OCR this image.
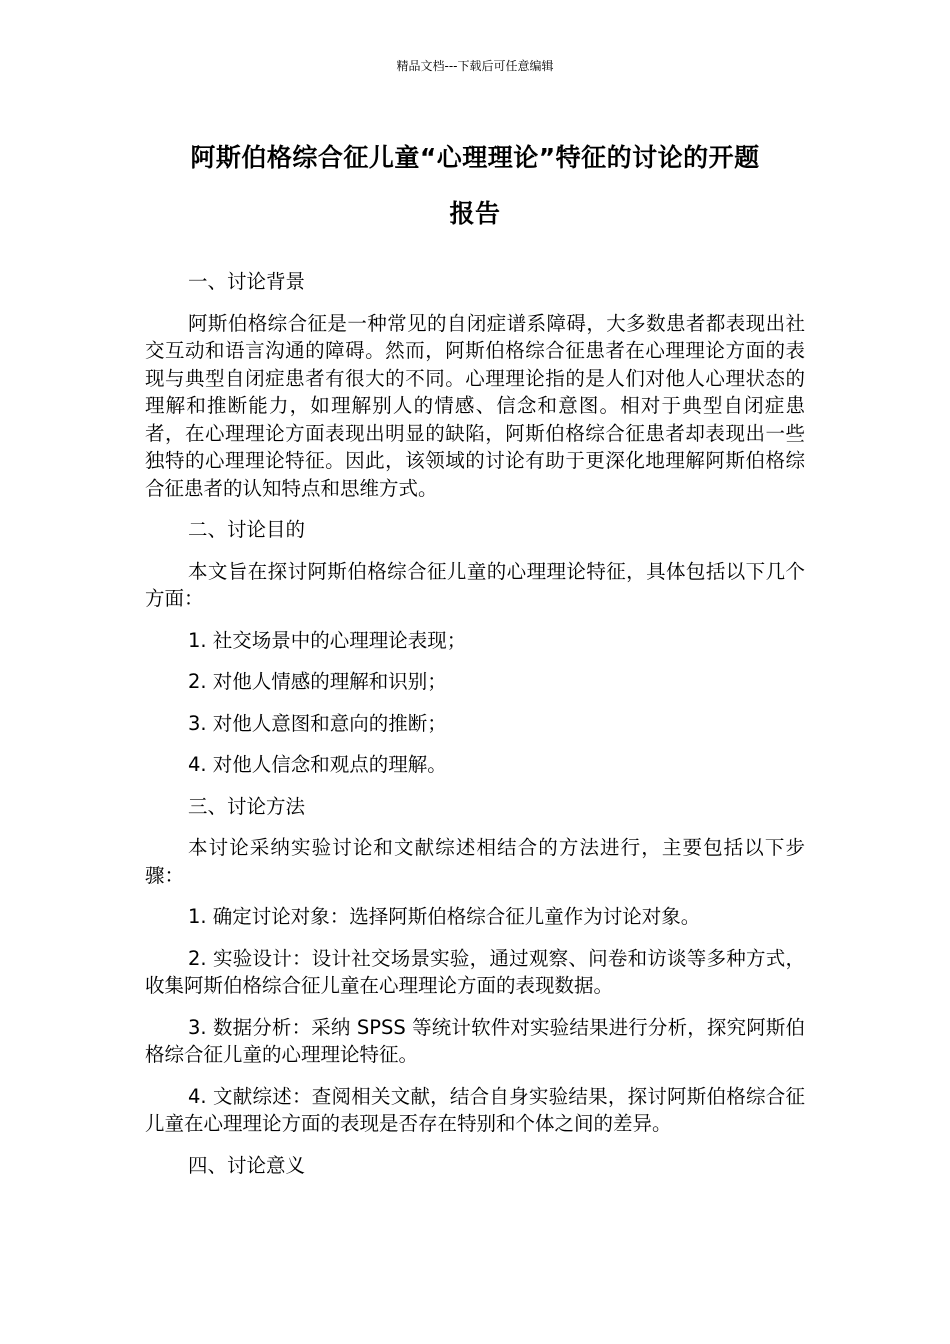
精品文档---下载后可任意编辑
阿斯伯格综合征儿童“心理理论”特征的讨论的开题
报告

一、讨论背景

阿斯伯格综合征是一种常见的自闭症谱系障碍，大多数患者都表现出社交互动和语言沟通的障碍。然而，阿斯伯格综合征患者在心理理论方面的表现与典型自闭症患者有很大的不同。心理理论指的是人们对他人心理状态的理解和推断能力，如理解别人的情感、信念和意图。相对于典型自闭症患者，在心理理论方面表现出明显的缺陷，阿斯伯格综合征患者却表现出一些独特的心理理论特征。因此，该领域的讨论有助于更深化地理解阿斯伯格综合征患者的认知特点和思维方式。

二、讨论目的

本文旨在探讨阿斯伯格综合征儿童的心理理论特征，具体包括以下几个方面：

1. 社交场景中的心理理论表现；

2. 对他人情感的理解和识别；

3. 对他人意图和意向的推断；

4. 对他人信念和观点的理解。

三、讨论方法

本讨论采纳实验讨论和文献综述相结合的方法进行，主要包括以下步骤：

1. 确定讨论对象：选择阿斯伯格综合征儿童作为讨论对象。

2. 实验设计：设计社交场景实验，通过观察、问卷和访谈等多种方式，收集阿斯伯格综合征儿童在心理理论方面的表现数据。

3. 数据分析：采纳 SPSS 等统计软件对实验结果进行分析，探究阿斯伯格综合征儿童的心理理论特征。

4. 文献综述：查阅相关文献，结合自身实验结果，探讨阿斯伯格综合征儿童在心理理论方面的表现是否存在特别和个体之间的差异。

四、讨论意义
